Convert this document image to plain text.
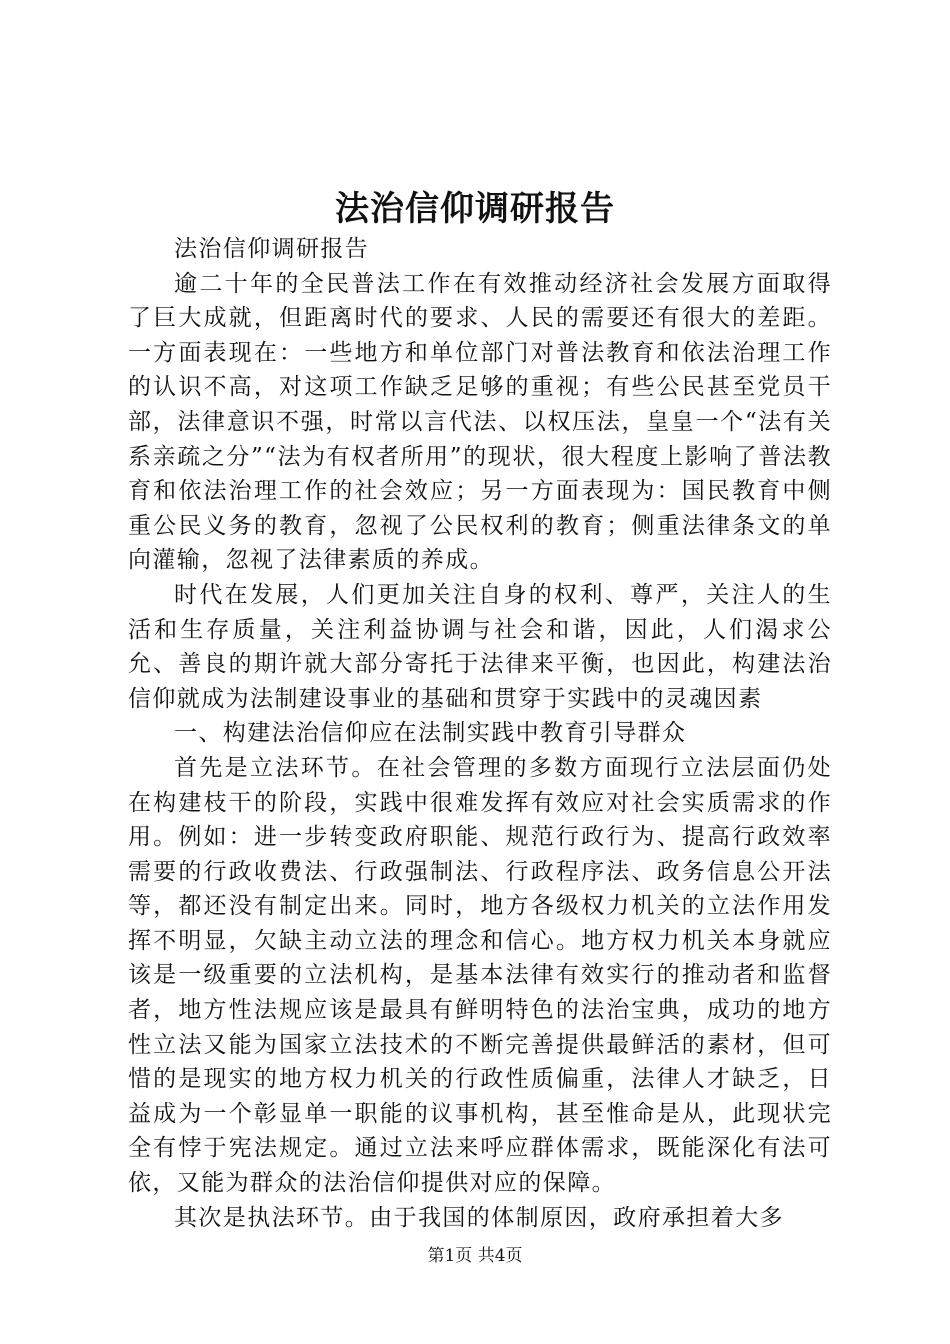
法治信仰调研报告

法治信仰调研报告

逾二十年的全民普法工作在有效推动经济社会发展方面取得了巨大成就，但距离时代的要求、人民的需要还有很大的差距。一方面表现在：一些地方和单位部门对普法教育和依法治理工作的认识不高，对这项工作缺乏足够的重视；有些公民甚至党员干部，法律意识不强，时常以言代法、以权压法，皇皇一个“法有关系亲疏之分”“法为有权者所用”的现状，很大程度上影响了普法教育和依法治理工作的社会效应；另一方面表现为：国民教育中侧重公民义务的教育，忽视了公民权利的教育；侧重法律条文的单向灌输，忽视了法律素质的养成。

时代在发展，人们更加关注自身的权利、尊严，关注人的生活和生存质量，关注利益协调与社会和谐，因此，人们渴求公允、善良的期许就大部分寄托于法律来平衡，也因此，构建法治信仰就成为法制建设事业的基础和贯穿于实践中的灵魂因素

一、构建法治信仰应在法制实践中教育引导群众

首先是立法环节。在社会管理的多数方面现行立法层面仍处在构建枝干的阶段，实践中很难发挥有效应对社会实质需求的作用。例如：进一步转变政府职能、规范行政行为、提高行政效率需要的行政收费法、行政强制法、行政程序法、政务信息公开法等，都还没有制定出来。同时，地方各级权力机关的立法作用发挥不明显，欠缺主动立法的理念和信心。地方权力机关本身就应该是一级重要的立法机构，是基本法律有效实行的推动者和监督者，地方性法规应该是最具有鲜明特色的法治宝典，成功的地方性立法又能为国家立法技术的不断完善提供最鲜活的素材，但可惜的是现实的地方权力机关的行政性质偏重，法律人才缺乏，日益成为一个彰显单一职能的议事机构，甚至惟命是从，此现状完全有悖于宪法规定。通过立法来呼应群体需求，既能深化有法可依，又能为群众的法治信仰提供对应的保障。

其次是执法环节。由于我国的体制原因，政府承担着大多

第1页 共4页
